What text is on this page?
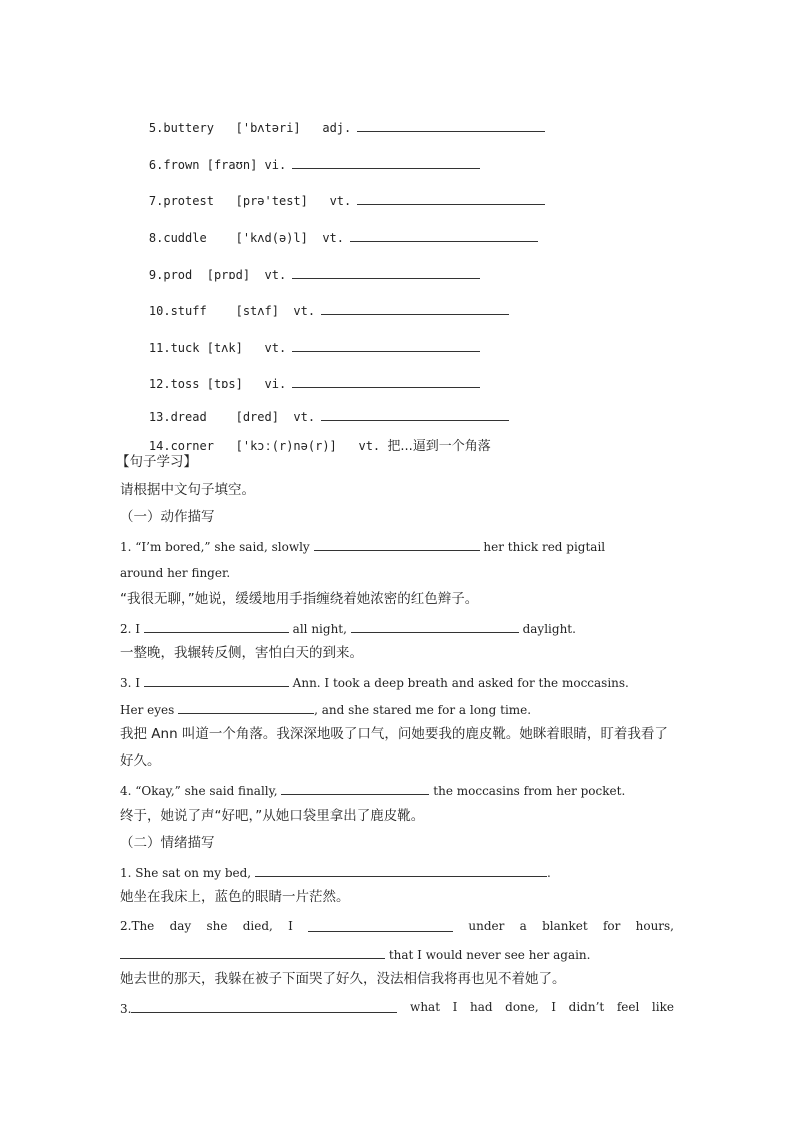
5.buttery ['bʌtəri] adj.

6.frown [fraʊn] vi.

7.protest [prə'test] vt.

8.cuddle ['kʌd(ə)l] vt.

9.prod [prɒd] vt.

10.stuff [stʌf] vt.

11.tuck [tʌk] vt.

12.toss [tɒs] vi.

13.dread [dred] vt.

14.corner ['kɔː(r)nə(r)] vt. 把...逼到一个角落

【句子学习】
请根据中文句子填空。
（一）动作描写
1. “I’m bored,” she said, slowly	her thick red pigtail
around her finger.
“我很无聊，”她说，缓缓地用手指缠绕着她浓密的红色辫子。
2. I	all night,	daylight.
一整晚，我辗转反侧，害怕白天的到来。
3. I	Ann. I took a deep breath and asked for the moccasins.
Her eyes	, and she stared me for a long time.
我把 Ann 叫道一个角落。我深深地吸了口气，问她要我的鹿皮靴。她眯着眼睛，盯着我看了
好久。
4. “Okay,” she said finally,	the moccasins from her pocket.
终于，她说了声“好吧，”从她口袋里拿出了鹿皮靴。
（二）情绪描写
1. She sat on my bed,	.
她坐在我床上，蓝色的眼睛一片茫然。
2.The day she died, I	under a blanket for hours,
that I would never see her again.
她去世的那天，我躲在被子下面哭了好久，没法相信我将再也见不着她了。
3.	what I had done, I didn’t feel like
